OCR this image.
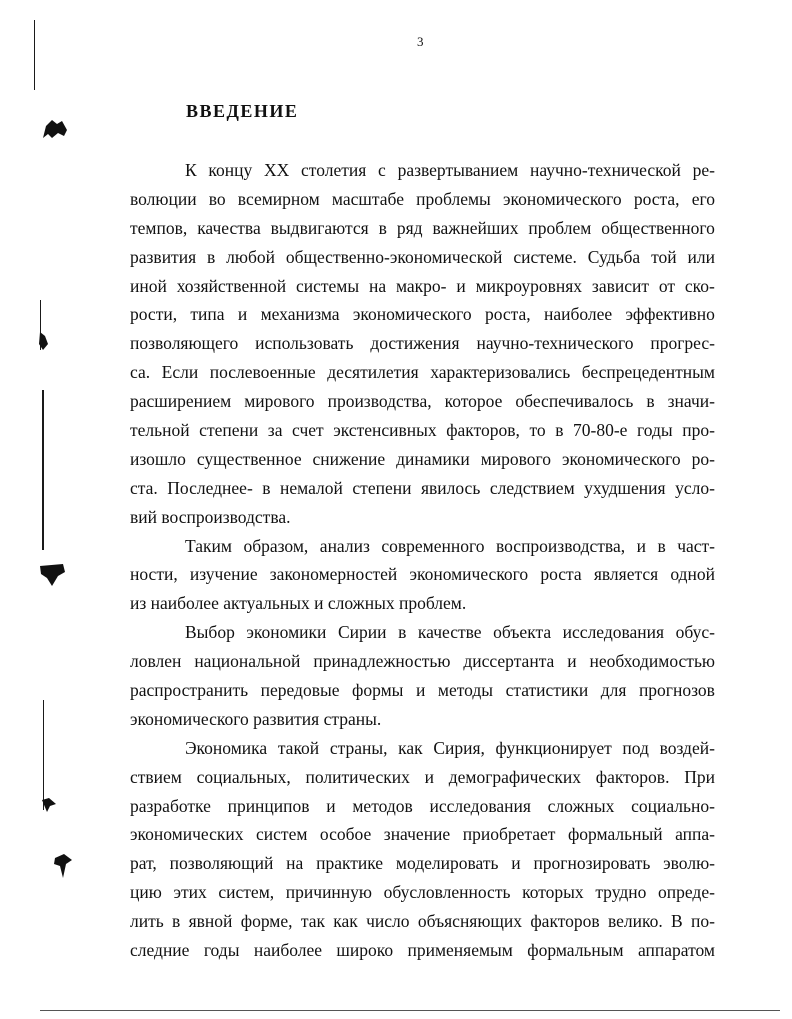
3
ВВЕДЕНИЕ
К концу XX столетия с развертыванием научно-технической ре-
волюции во всемирном масштабе проблемы экономического роста, его
темпов, качества выдвигаются в ряд важнейших проблем общественного
развития в любой общественно-экономической системе. Судьба той или
иной хозяйственной системы на макро- и микроуровнях зависит от ско-
рости, типа и механизма экономического роста, наиболее эффективно
позволяющего использовать достижения научно-технического прогрес-
са. Если послевоенные десятилетия характеризовались беспрецедентным
расширением мирового производства, которое обеспечивалось в значи-
тельной степени за счет экстенсивных факторов, то в 70-80-е годы про-
изошло существенное снижение динамики мирового экономического ро-
ста. Последнее- в немалой степени явилось следствием ухудшения усло-
вий воспроизводства.
Таким образом, анализ современного воспроизводства, и в част-
ности, изучение закономерностей экономического роста является одной
из наиболее актуальных и сложных проблем.
Выбор экономики Сирии в качестве объекта исследования обус-
ловлен национальной принадлежностью диссертанта и необходимостью
распространить передовые формы и методы статистики для прогнозов
экономического развития страны.
Экономика такой страны, как Сирия, функционирует под воздей-
ствием социальных, политических и демографических факторов. При
разработке принципов и методов исследования сложных социально-
экономических систем особое значение приобретает формальный аппа-
рат, позволяющий на практике моделировать и прогнозировать эволю-
цию этих систем, причинную обусловленность которых трудно опреде-
лить в явной форме, так как число объясняющих факторов велико. В по-
следние годы наиболее широко применяемым формальным аппаратом
